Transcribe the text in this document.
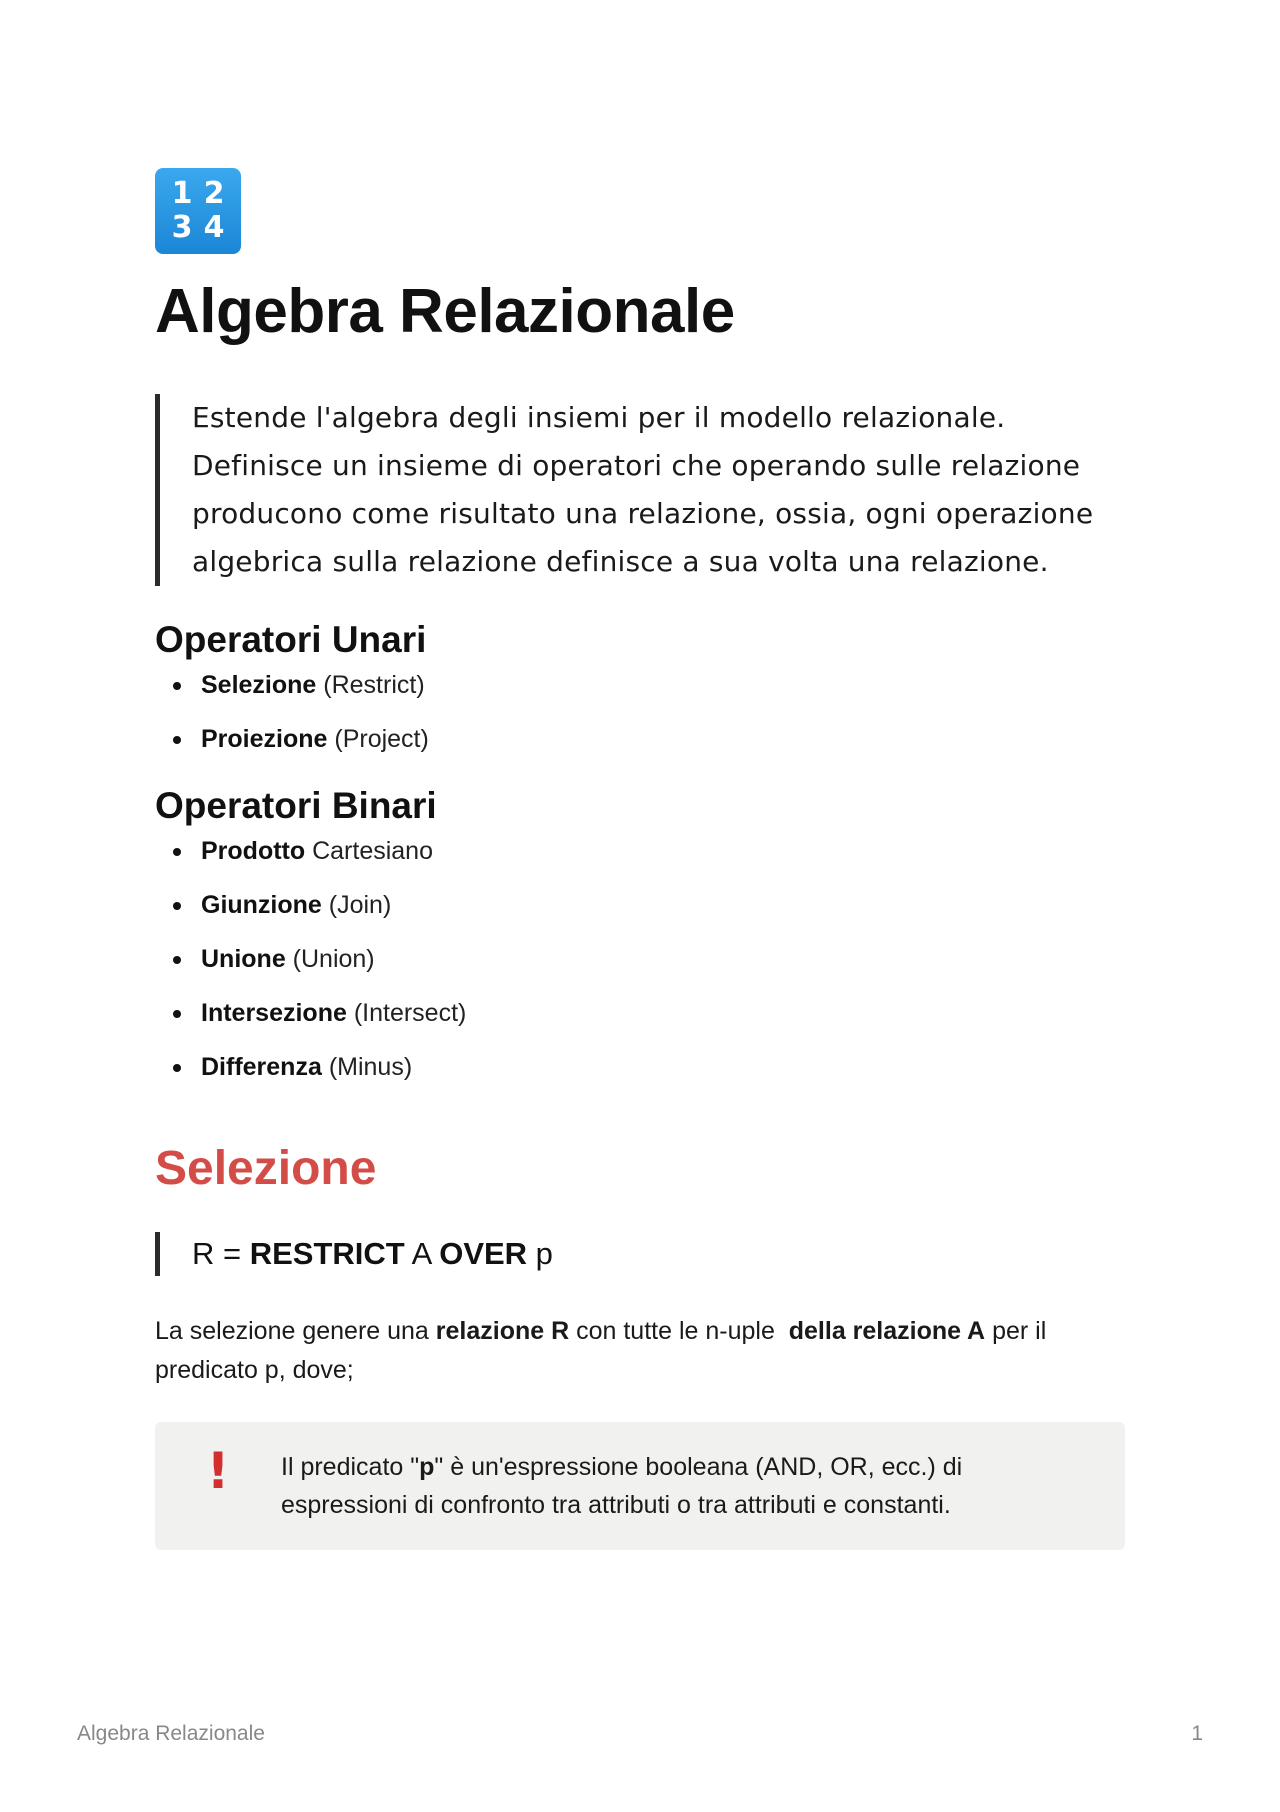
1 2
3 4
Algebra Relazionale

Estende l'algebra degli insiemi per il modello relazionale.

Definisce un insieme di operatori che operando sulle relazione producono come risultato una relazione, ossia, ogni operazione algebrica sulla relazione definisce a sua volta una relazione.

Operatori Unari
Selezione (Restrict)
Proiezione (Project)
Operatori Binari
Prodotto Cartesiano
Giunzione (Join)
Unione (Union)
Intersezione (Intersect)
Differenza (Minus)
Selezione
R = RESTRICT A OVER p

La selezione genere una relazione R con tutte le n-uple  della relazione A per il predicato p, dove;

!	Il predicato "p" è un'espressione booleana (AND, OR, ecc.) di espressioni di confronto tra attributi o tra attributi e constanti.
Algebra Relazionale	1
